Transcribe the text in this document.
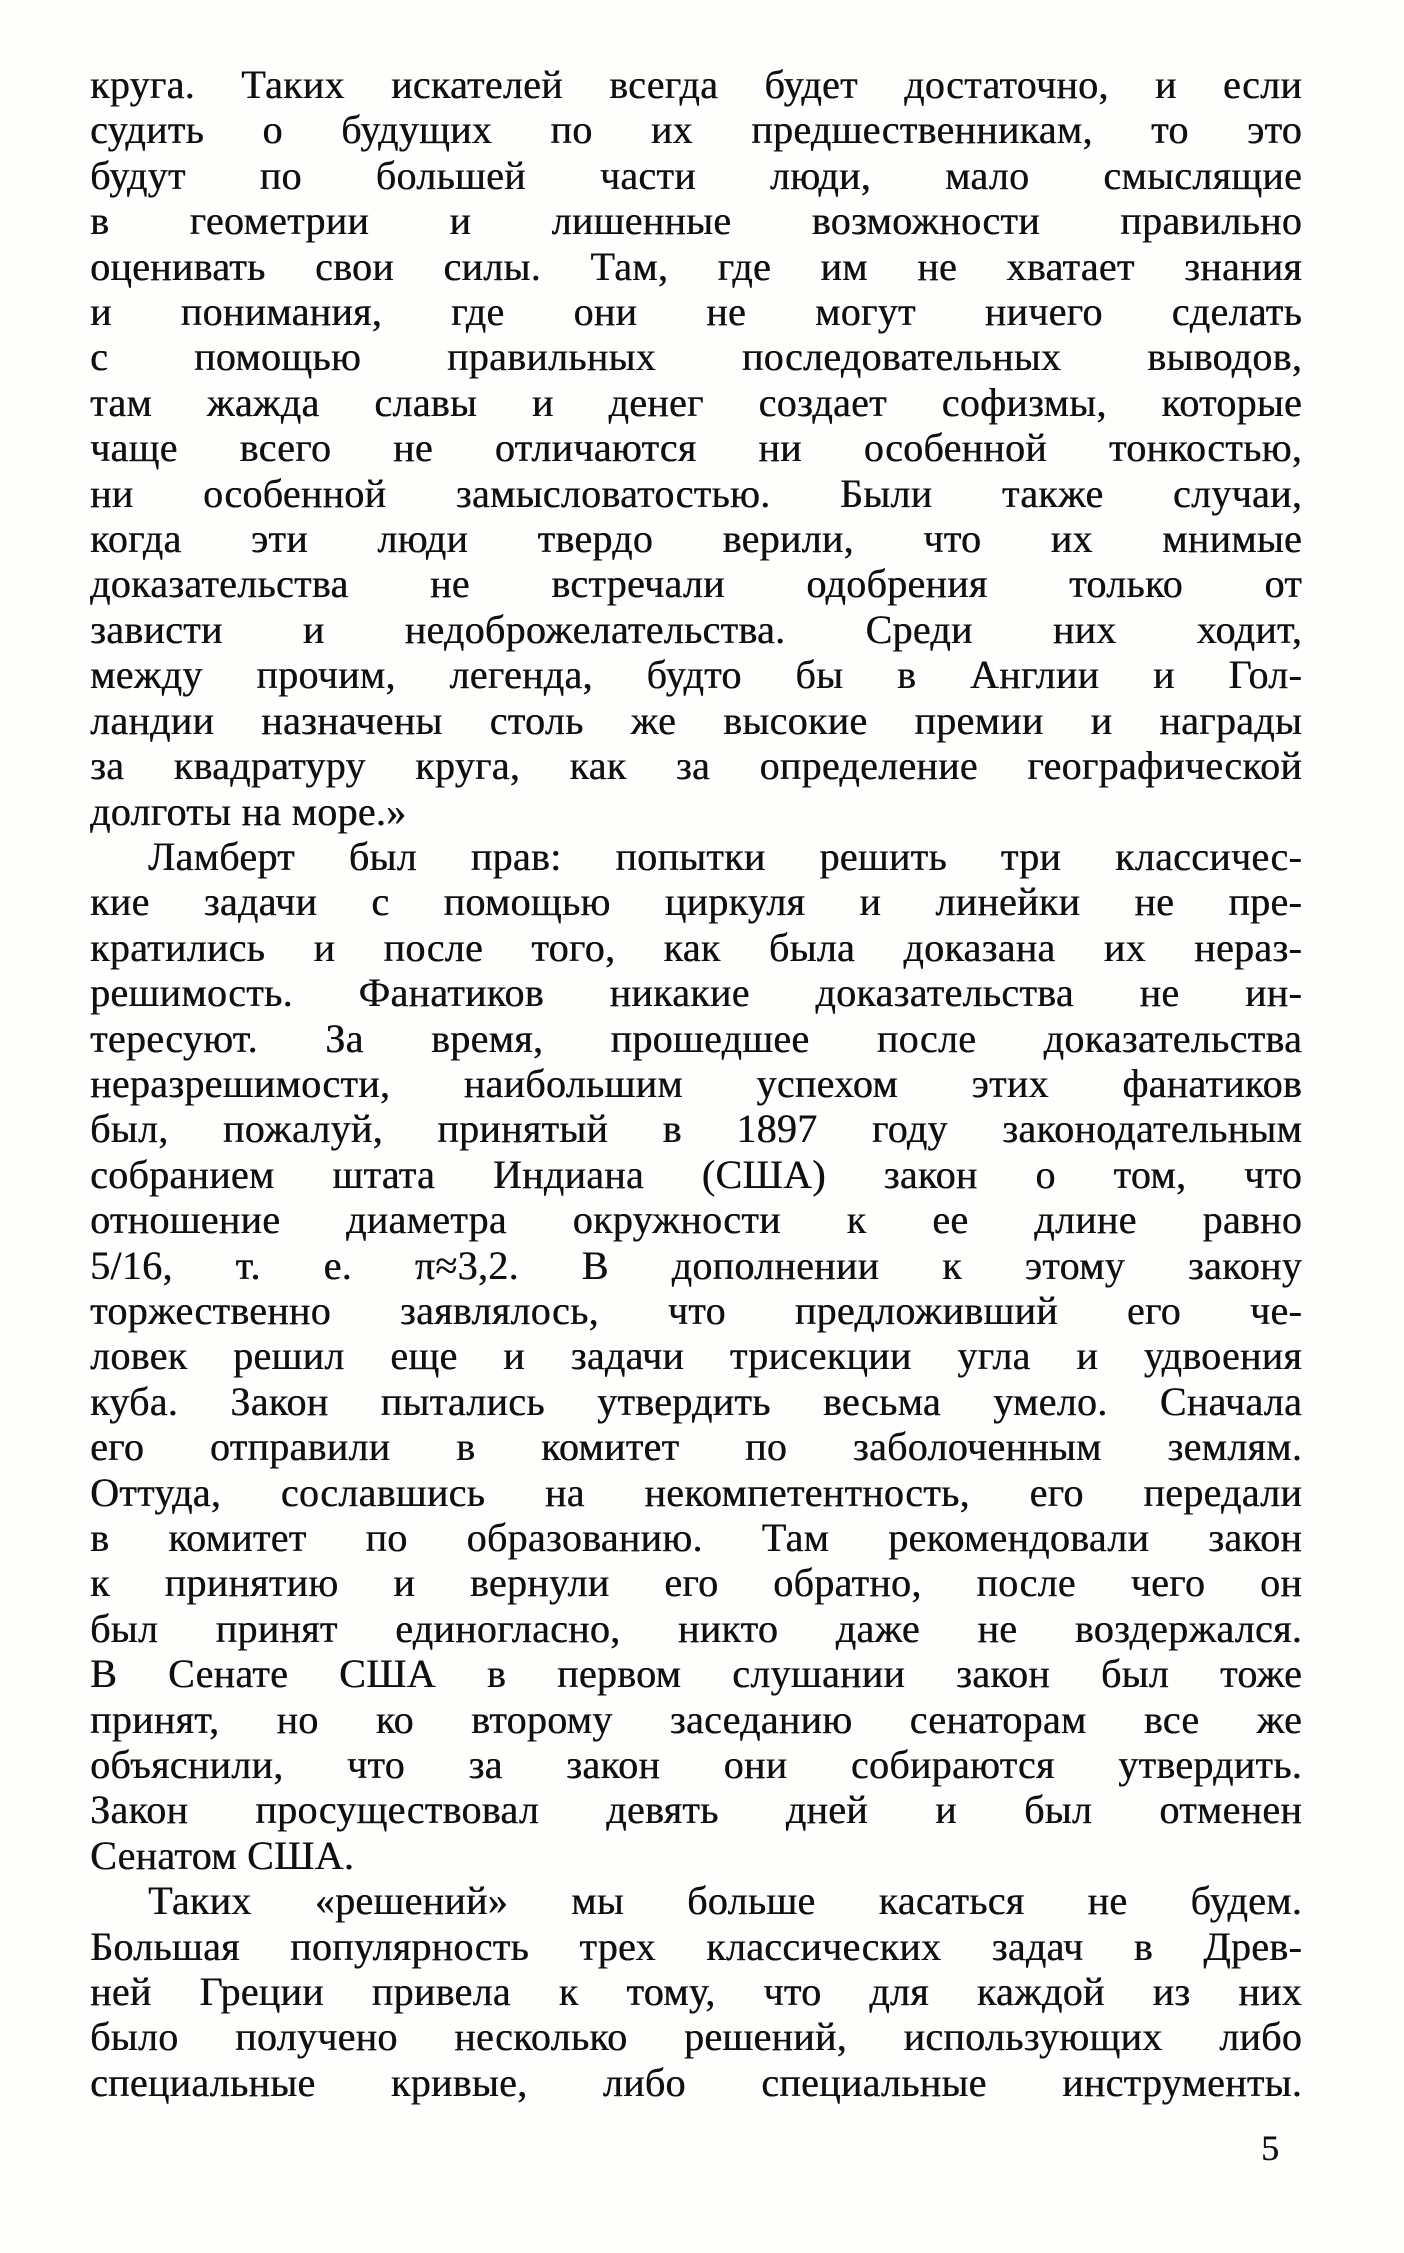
круга. Таких искателей всегда будет достаточно, и если
судить о будущих по их предшественникам, то это
будут по большей части люди, мало смыслящие
в геометрии и лишенные возможности правильно
оценивать свои силы. Там, где им не хватает знания
и понимания, где они не могут ничего сделать
с помощью правильных последовательных выводов,
там жажда славы и денег создает софизмы, которые
чаще всего не отличаются ни особенной тонкостью,
ни особенной замысловатостью. Были также случаи,
когда эти люди твердо верили, что их мнимые
доказательства не встречали одобрения только от
зависти и недоброжелательства. Среди них ходит,
между прочим, легенда, будто бы в Англии и Гол-
ландии назначены столь же высокие премии и награды
за квадратуру круга, как за определение географической
долготы на море.»
Ламберт был прав: попытки решить три классичес-
кие задачи с помощью циркуля и линейки не пре-
кратились и после того, как была доказана их нераз-
решимость. Фанатиков никакие доказательства не ин-
тересуют. За время, прошедшее после доказательства
неразрешимости, наибольшим успехом этих фанатиков
был, пожалуй, принятый в 1897 году законодательным
собранием штата Индиана (США) закон о том, что
отношение диаметра окружности к ее длине равно
5/16, т. е. π≈3,2. В дополнении к этому закону
торжественно заявлялось, что предложивший его че-
ловек решил еще и задачи трисекции угла и удвоения
куба. Закон пытались утвердить весьма умело. Сначала
его отправили в комитет по заболоченным землям.
Оттуда, сославшись на некомпетентность, его передали
в комитет по образованию. Там рекомендовали закон
к принятию и вернули его обратно, после чего он
был принят единогласно, никто даже не воздержался.
В Сенате США в первом слушании закон был тоже
принят, но ко второму заседанию сенаторам все же
объяснили, что за закон они собираются утвердить.
Закон просуществовал девять дней и был отменен
Сенатом США.
Таких «решений» мы больше касаться не будем.
Большая популярность трех классических задач в Древ-
ней Греции привела к тому, что для каждой из них
было получено несколько решений, использующих либо
специальные кривые, либо специальные инструменты.
5
